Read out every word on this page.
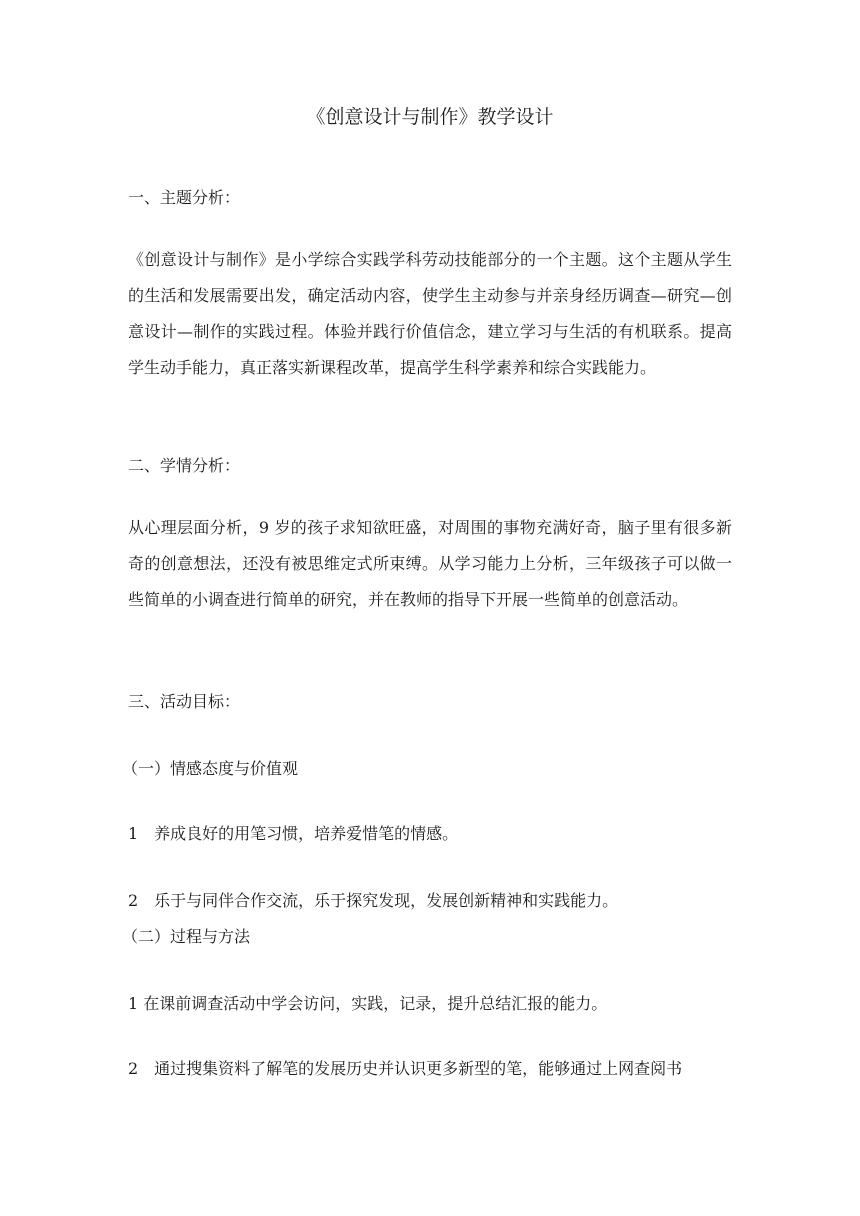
《创意设计与制作》教学设计
一、主题分析：
《创意设计与制作》是小学综合实践学科劳动技能部分的一个主题。这个主题从学生的生活和发展需要出发，确定活动内容，使学生主动参与并亲身经历调查—研究—创意设计—制作的实践过程。体验并践行价值信念，建立学习与生活的有机联系。提高学生动手能力，真正落实新课程改革，提高学生科学素养和综合实践能力。
二、学情分析：
从心理层面分析，9 岁的孩子求知欲旺盛，对周围的事物充满好奇，脑子里有很多新奇的创意想法，还没有被思维定式所束缚。从学习能力上分析，三年级孩子可以做一些简单的小调查进行简单的研究，并在教师的指导下开展一些简单的创意活动。
三、活动目标：
（一）情感态度与价值观
1　养成良好的用笔习惯，培养爱惜笔的情感。
2　乐于与同伴合作交流，乐于探究发现，发展创新精神和实践能力。
（二）过程与方法
1 在课前调查活动中学会访问，实践，记录，提升总结汇报的能力。
2　通过搜集资料了解笔的发展历史并认识更多新型的笔，能够通过上网查阅书
